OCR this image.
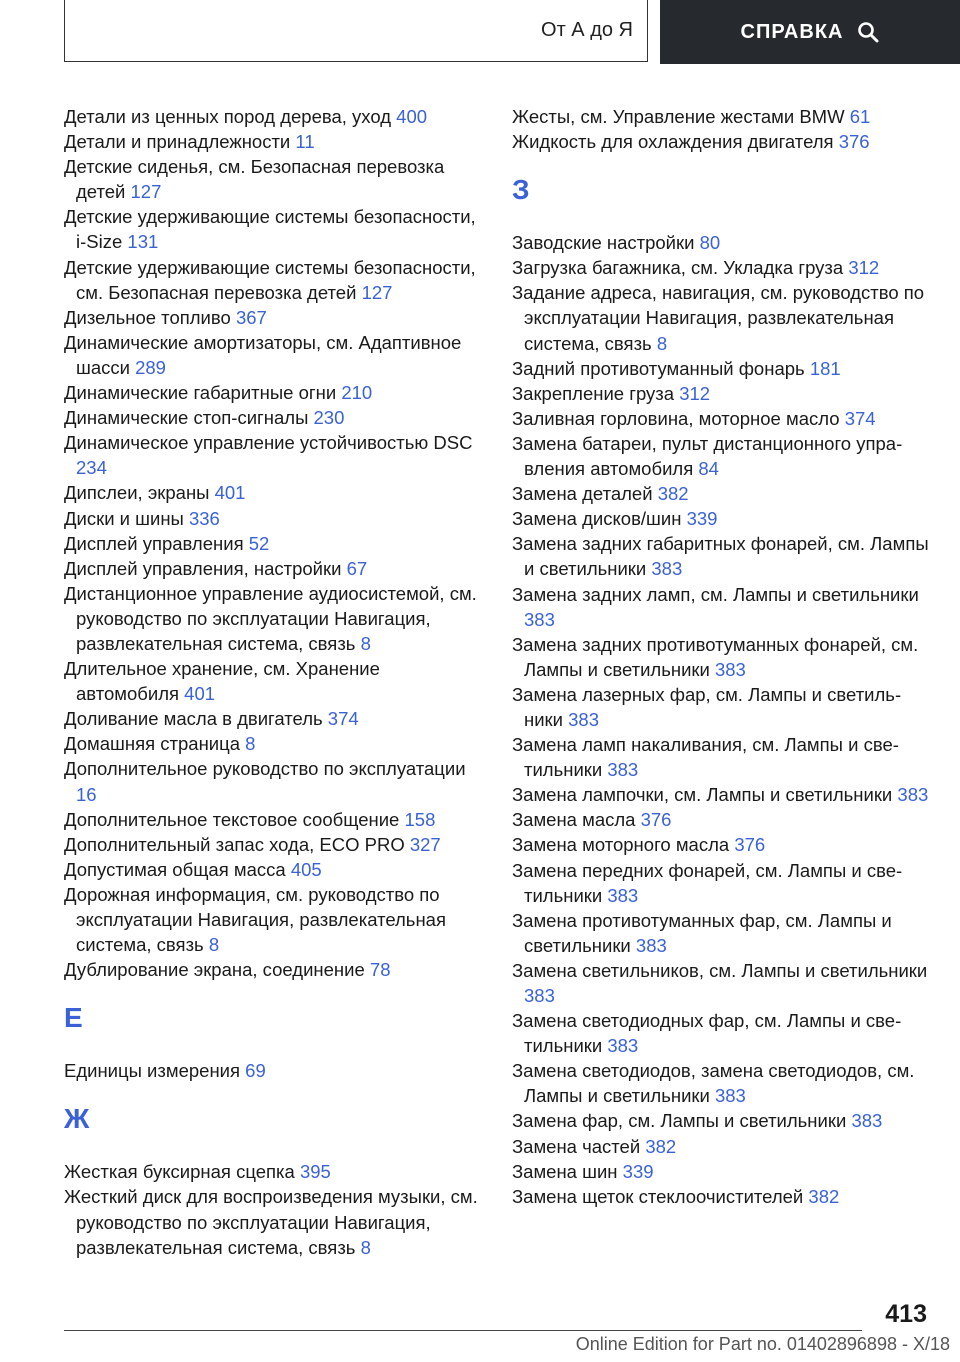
От А до Я	СПРАВКА
Детали из ценных пород дерева, уход 400
Детали и принадлежности 11
Детские сиденья, см. Безопасная перевозка детей 127
Детские удерживающие системы безопасности, i‑Size 131
Детские удерживающие системы безопасности, см. Безопасная перевозка детей 127
Дизельное топливо 367
Динамические амортизаторы, см. Адаптивное шасси 289
Динамические габаритные огни 210
Динамические стоп-сигналы 230
Динамическое управление устойчивостью DSC 234
Дипслеи, экраны 401
Диски и шины 336
Дисплей управления 52
Дисплей управления, настройки 67
Дистанционное управление аудиосистемой, см. руководство по эксплуатации Навигация, развлекательная система, связь 8
Длительное хранение, см. Хранение автомобиля 401
Доливание масла в двигатель 374
Домашняя страница 8
Дополнительное руководство по эксплуатации 16
Дополнительное текстовое сообщение 158
Дополнительный запас хода, ECO PRO 327
Допустимая общая масса 405
Дорожная информация, см. руководство по эксплуатации Навигация, развлекательная система, связь 8
Дублирование экрана, соединение 78
Е
Единицы измерения 69
Ж
Жесткая буксирная сцепка 395
Жесткий диск для воспроизведения музыки, см. руководство по эксплуатации Навигация, развлекательная система, связь 8
Жесты, см. Управление жестами BMW 61
Жидкость для охлаждения двигателя 376
З
Заводские настройки 80
Загрузка багажника, см. Укладка груза 312
Задание адреса, навигация, см. руководство по эксплуатации Навигация, развлекательная система, связь 8
Задний противотуманный фонарь 181
Закрепление груза 312
Заливная горловина, моторное масло 374
Замена батареи, пульт дистанционного управления автомобиля 84
Замена деталей 382
Замена дисков/шин 339
Замена задних габаритных фонарей, см. Лампы и светильники 383
Замена задних ламп, см. Лампы и светильники 383
Замена задних противотуманных фонарей, см. Лампы и светильники 383
Замена лазерных фар, см. Лампы и светильники 383
Замена ламп накаливания, см. Лампы и светильники 383
Замена лампочки, см. Лампы и светильники 383
Замена масла 376
Замена моторного масла 376
Замена передних фонарей, см. Лампы и светильники 383
Замена противотуманных фар, см. Лампы и светильники 383
Замена светильников, см. Лампы и светильники 383
Замена светодиодных фар, см. Лампы и светильники 383
Замена светодиодов, замена светодиодов, см. Лампы и светильники 383
Замена фар, см. Лампы и светильники 383
Замена частей 382
Замена шин 339
Замена щеток стеклоочистителей 382
413
Online Edition for Part no. 01402896898 - X/18
